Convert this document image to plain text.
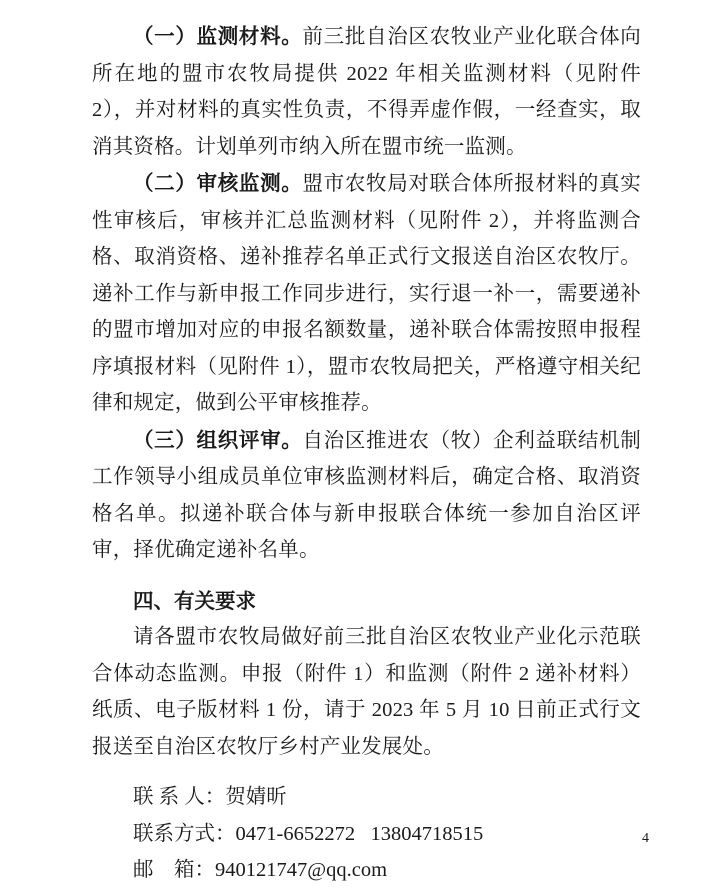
（一）监测材料。前三批自治区农牧业产业化联合体向所在地的盟市农牧局提供 2022 年相关监测材料（见附件 2），并对材料的真实性负责，不得弄虚作假，一经查实，取消其资格。计划单列市纳入所在盟市统一监测。

（二）审核监测。盟市农牧局对联合体所报材料的真实性审核后，审核并汇总监测材料（见附件 2），并将监测合格、取消资格、递补推荐名单正式行文报送自治区农牧厅。递补工作与新申报工作同步进行，实行退一补一，需要递补的盟市增加对应的申报名额数量，递补联合体需按照申报程序填报材料（见附件 1），盟市农牧局把关，严格遵守相关纪律和规定，做到公平审核推荐。

（三）组织评审。自治区推进农（牧）企利益联结机制工作领导小组成员单位审核监测材料后，确定合格、取消资格名单。拟递补联合体与新申报联合体统一参加自治区评审，择优确定递补名单。

四、有关要求

请各盟市农牧局做好前三批自治区农牧业产业化示范联合体动态监测。申报（附件 1）和监测（附件 2 递补材料）纸质、电子版材料 1 份，请于 2023 年 5 月 10 日前正式行文报送至自治区农牧厅乡村产业发展处。

联 系 人：贺婧昕

联系方式：0471-6652272   13804718515

邮    箱：940121747@qq.com

4
